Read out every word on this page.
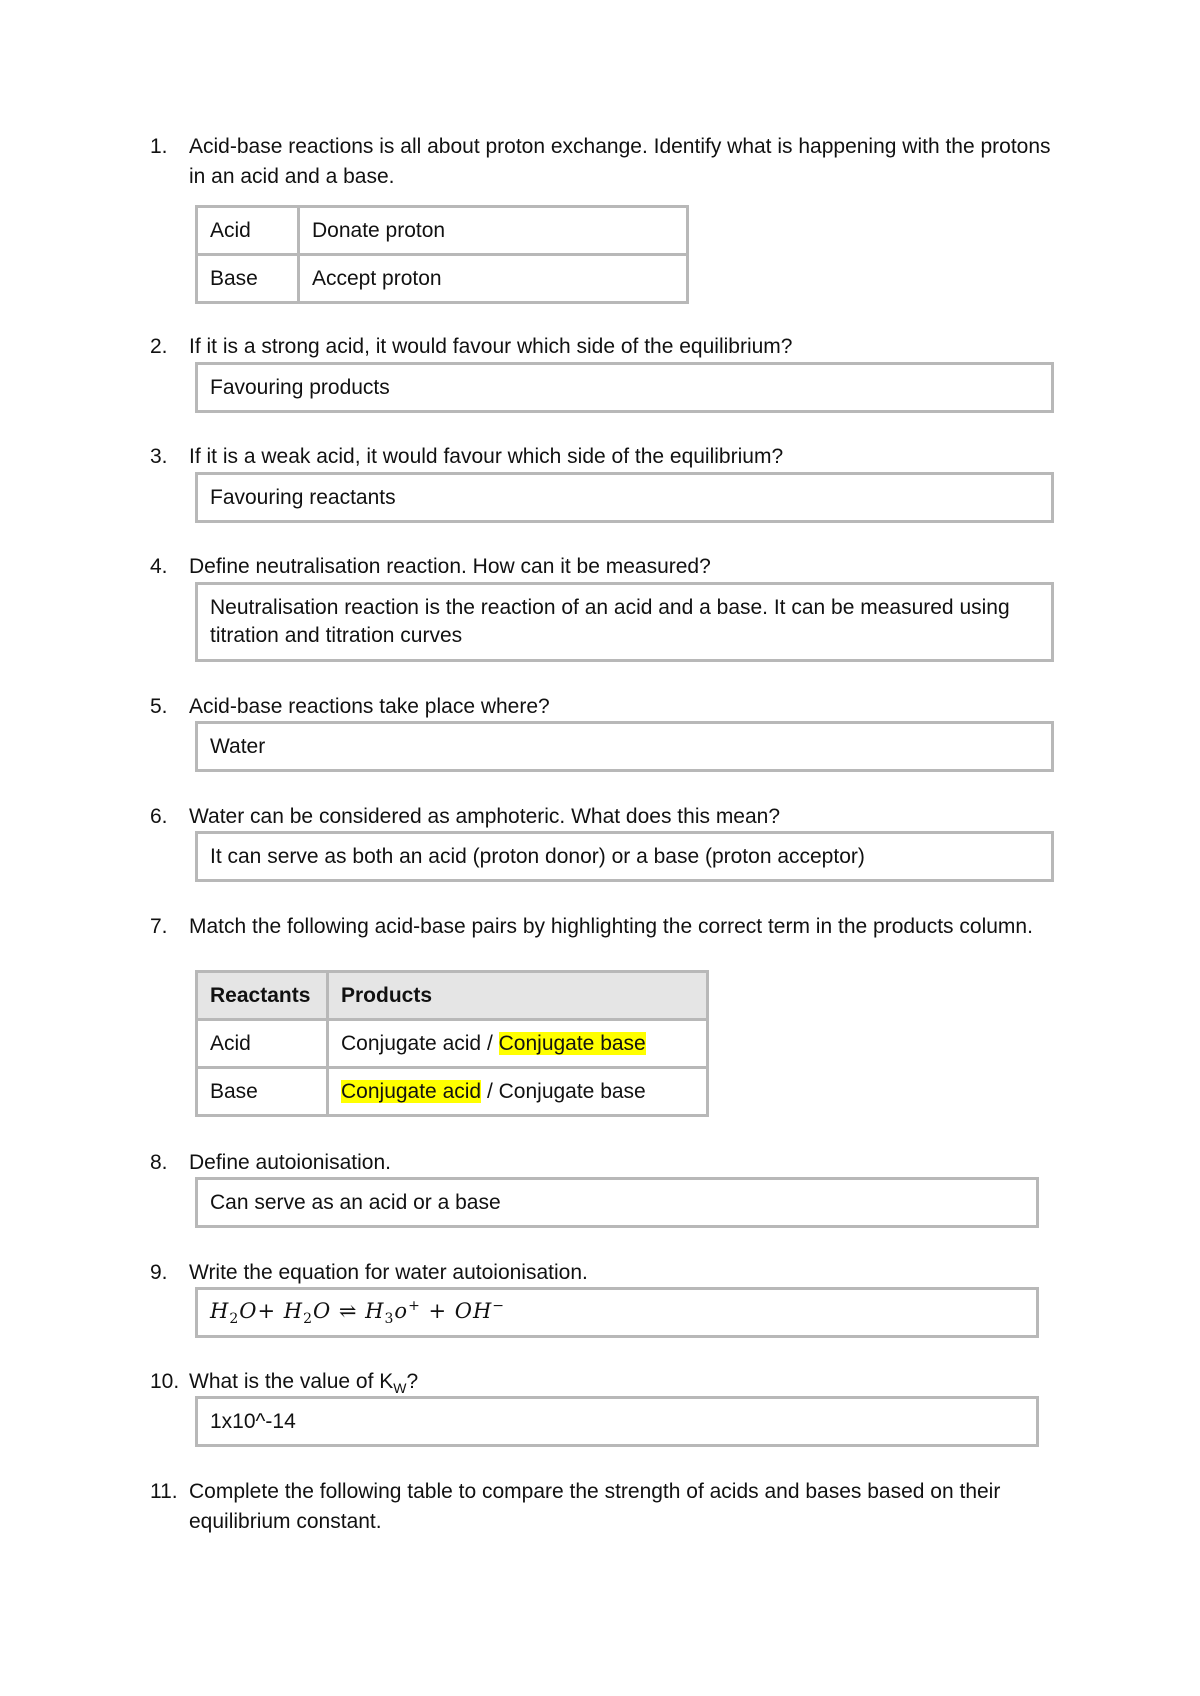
1. Acid-base reactions is all about proton exchange. Identify what is happening with the protons in an acid and a base.
Acid	Donate proton
Base	Accept proton
2. If it is a strong acid, it would favour which side of the equilibrium?
Favouring products
3. If it is a weak acid, it would favour which side of the equilibrium?
Favouring reactants
4. Define neutralisation reaction. How can it be measured?
Neutralisation reaction is the reaction of an acid and a base. It can be measured using titration and titration curves
5. Acid-base reactions take place where?
Water
6. Water can be considered as amphoteric. What does this mean?
It can serve as both an acid (proton donor) or a base (proton acceptor)
7. Match the following acid-base pairs by highlighting the correct term in the products column.
Reactants	Products
Acid	Conjugate acid / Conjugate base
Base	Conjugate acid / Conjugate base
8. Define autoionisation.
Can serve as an acid or a base
9. Write the equation for water autoionisation.
$H_2O+ H_2O$ ⇌ $H_3o^+ + OH^-$
10. What is the value of $K_W$?
1x10^-14
11. Complete the following table to compare the strength of acids and bases based on their equilibrium constant.
